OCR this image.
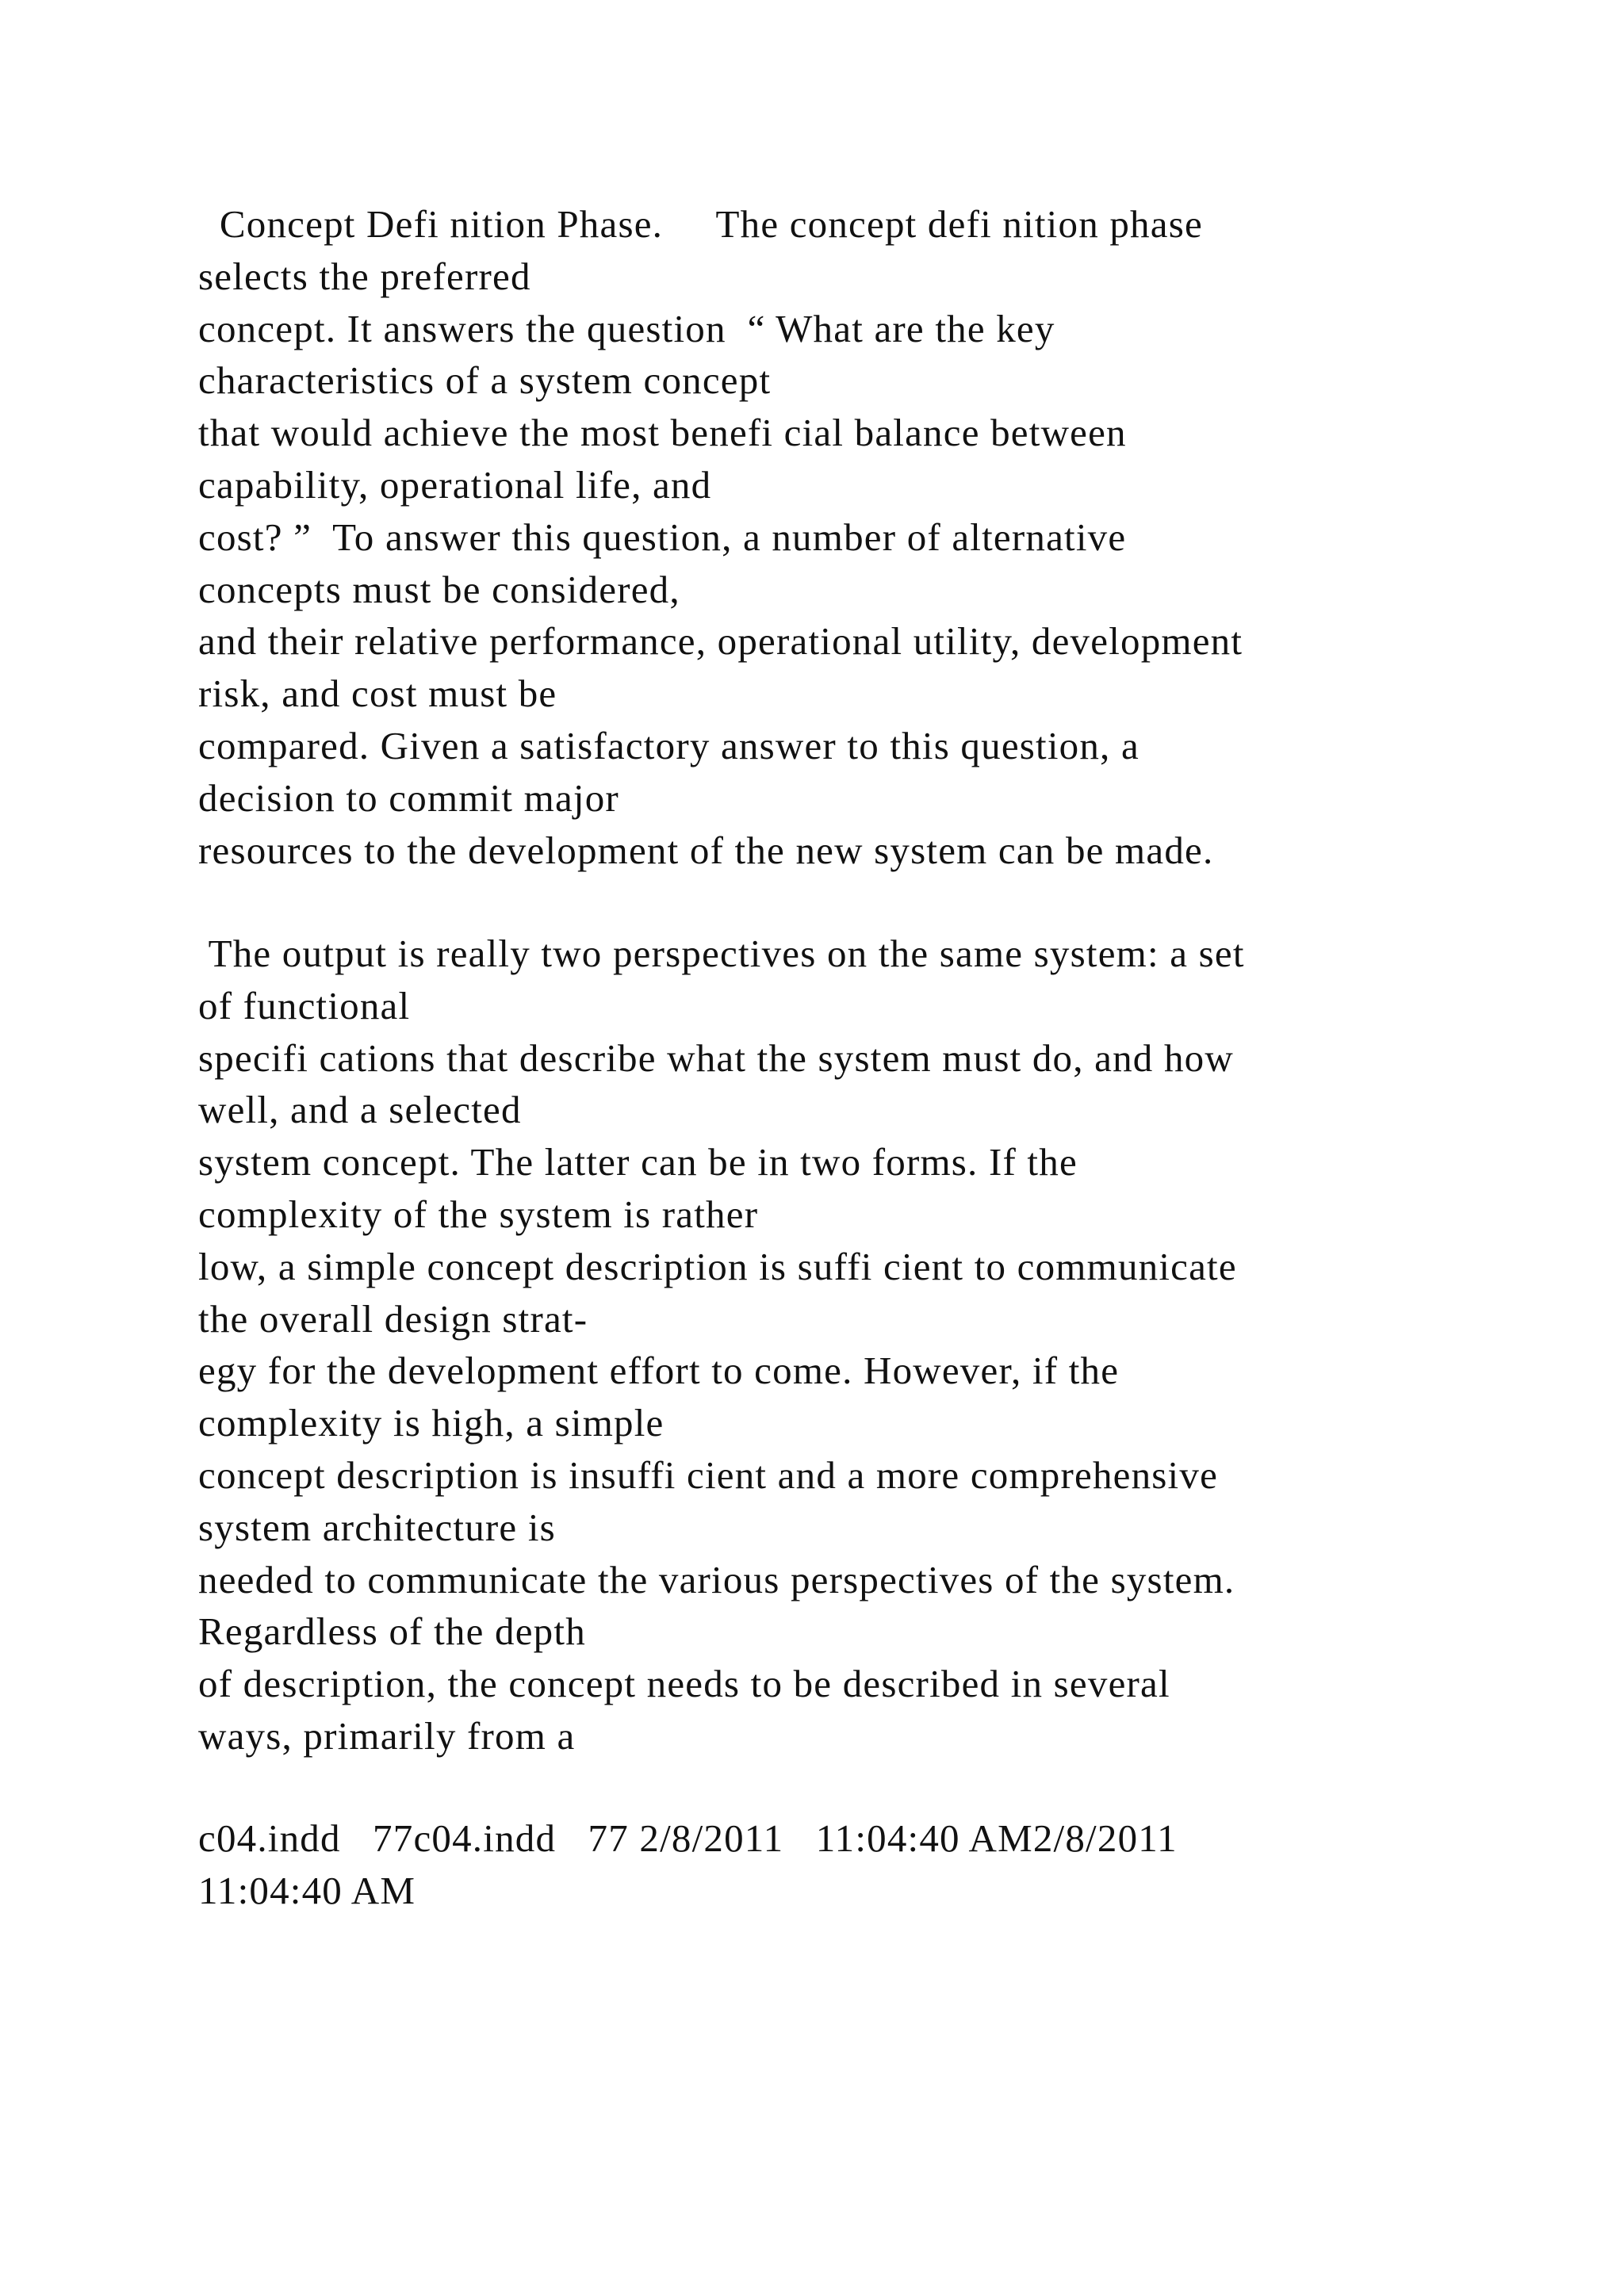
Concept Defi nition Phase.     The concept defi nition phase
selects the preferred
concept. It answers the question  “ What are the key
characteristics of a system concept
that would achieve the most benefi cial balance between
capability, operational life, and
cost? ”  To answer this question, a number of alternative
concepts must be considered,
and their relative performance, operational utility, development
risk, and cost must be
compared. Given a satisfactory answer to this question, a
decision to commit major
resources to the development of the new system can be made.
The output is really two perspectives on the same system: a set
of functional
specifi cations that describe what the system must do, and how
well, and a selected
system concept. The latter can be in two forms. If the
complexity of the system is rather
low, a simple concept description is suffi cient to communicate
the overall design strat-
egy for the development effort to come. However, if the
complexity is high, a simple
concept description is insuffi cient and a more comprehensive
system architecture is
needed to communicate the various perspectives of the system.
Regardless of the depth
of description, the concept needs to be described in several
ways, primarily from a
c04.indd   77c04.indd   77 2/8/2011   11:04:40 AM2/8/2011
11:04:40 AM
